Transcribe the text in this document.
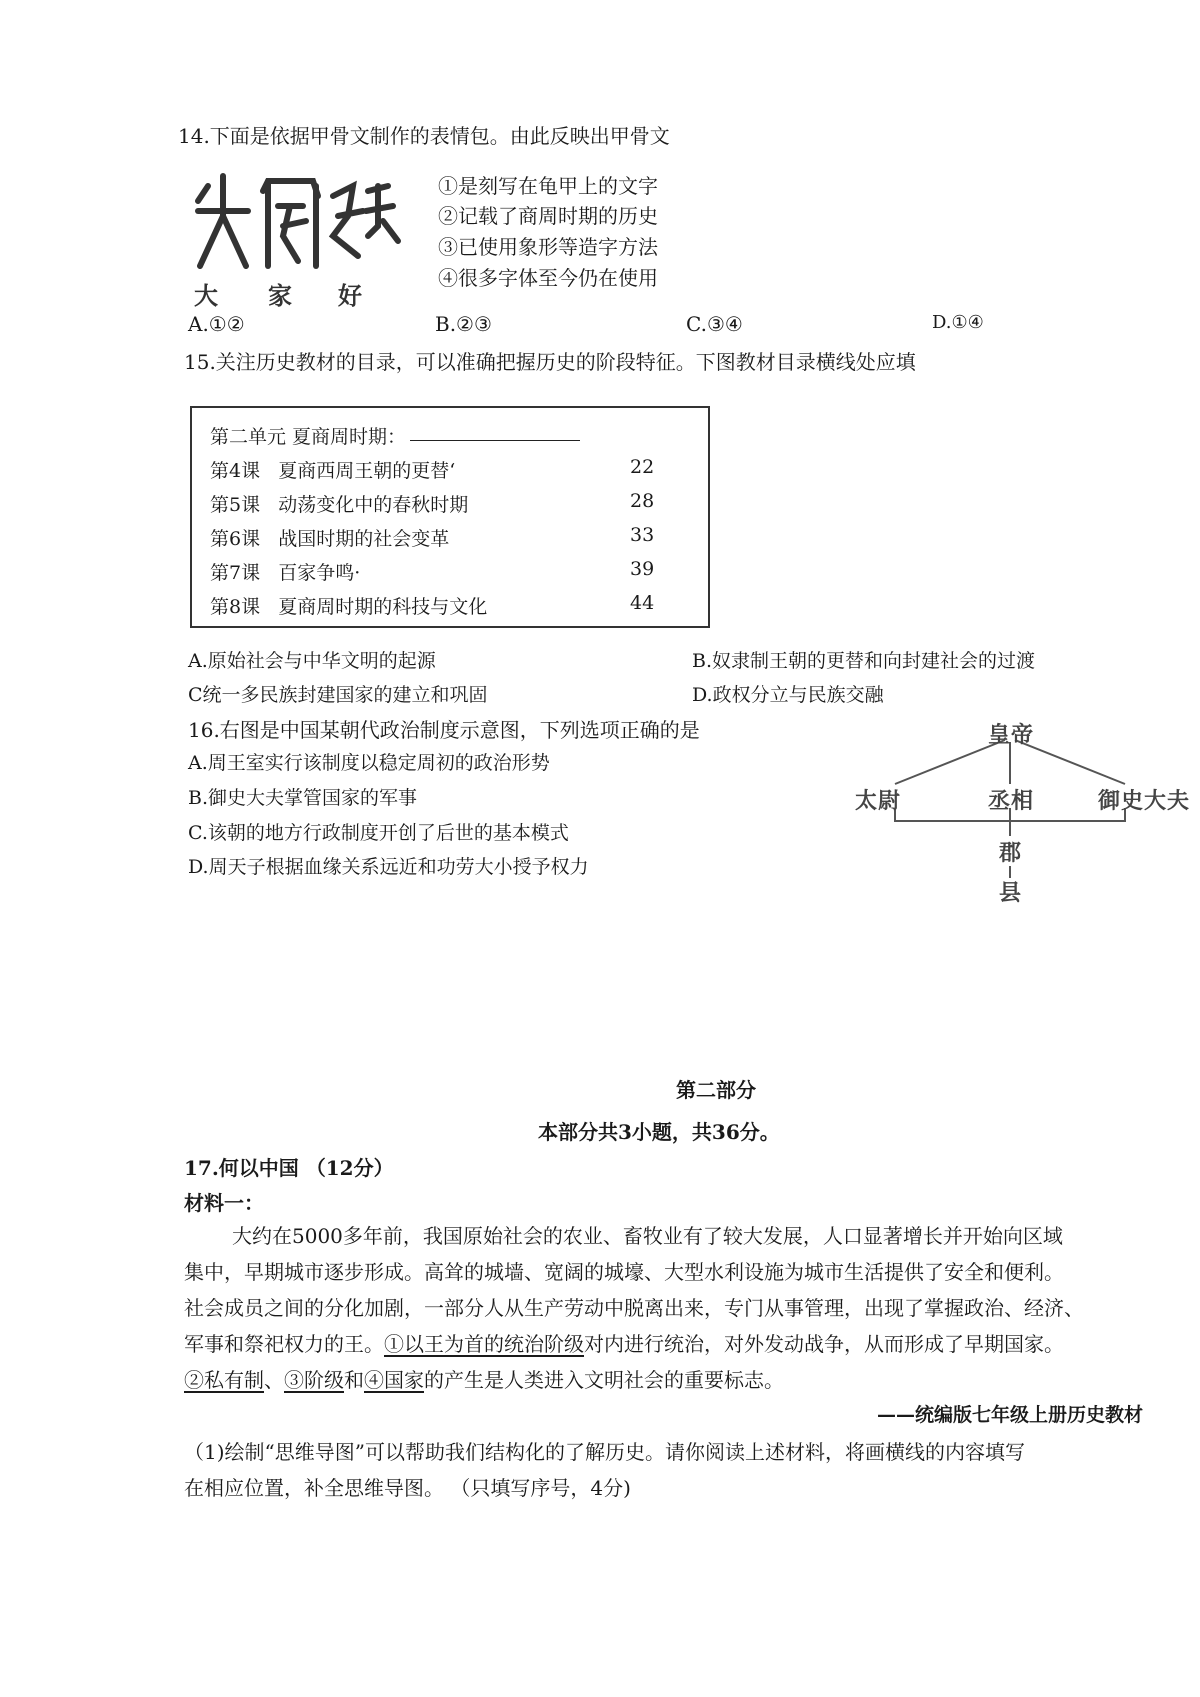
14.下面是依据甲骨文制作的表情包。由此反映出甲骨文
大 家 好
①是刻写在龟甲上的文字
②记载了商周时期的历史
③已使用象形等造字方法
④很多字体至今仍在使用
A.①②	B.②③	C.③④	D.①④
15.关注历史教材的目录，可以准确把握历史的阶段特征。下图教材目录横线处应填
第二单元 夏商周时期：
第4课 夏商西周王朝的更替‘	22
第5课 动荡变化中的春秋时期	28
第6课 战国时期的社会变革	33
第7课 百家争鸣·	39
第8课 夏商周时期的科技与文化	44
A.原始社会与中华文明的起源	B.奴隶制王朝的更替和向封建社会的过渡
C统一多民族封建国家的建立和巩固	D.政权分立与民族交融
16.右图是中国某朝代政治制度示意图，下列选项正确的是
A.周王室实行该制度以稳定周初的政治形势
B.御史大夫掌管国家的军事
C.该朝的地方行政制度开创了后世的基本模式
D.周天子根据血缘关系远近和功劳大小授予权力
皇帝
太尉	丞相	御史大夫
郡
县
第二部分
本部分共3小题，共36分。
17.何以中国 （12分）
材料一：
大约在5000多年前，我国原始社会的农业、畜牧业有了较大发展，人口显著增长并开始向区域
集中，早期城市逐步形成。高耸的城墙、宽阔的城壕、大型水利设施为城市生活提供了安全和便利。
社会成员之间的分化加剧，一部分人从生产劳动中脱离出来，专门从事管理，出现了掌握政治、经济、
军事和祭祀权力的王。①以王为首的统治阶级对内进行统治，对外发动战争，从而形成了早期国家。
②私有制、③阶级和④国家的产生是人类进入文明社会的重要标志。
——统编版七年级上册历史教材
（1)绘制“思维导图”可以帮助我们结构化的了解历史。请你阅读上述材料，将画横线的内容填写
在相应位置，补全思维导图。 （只填写序号，4分)
